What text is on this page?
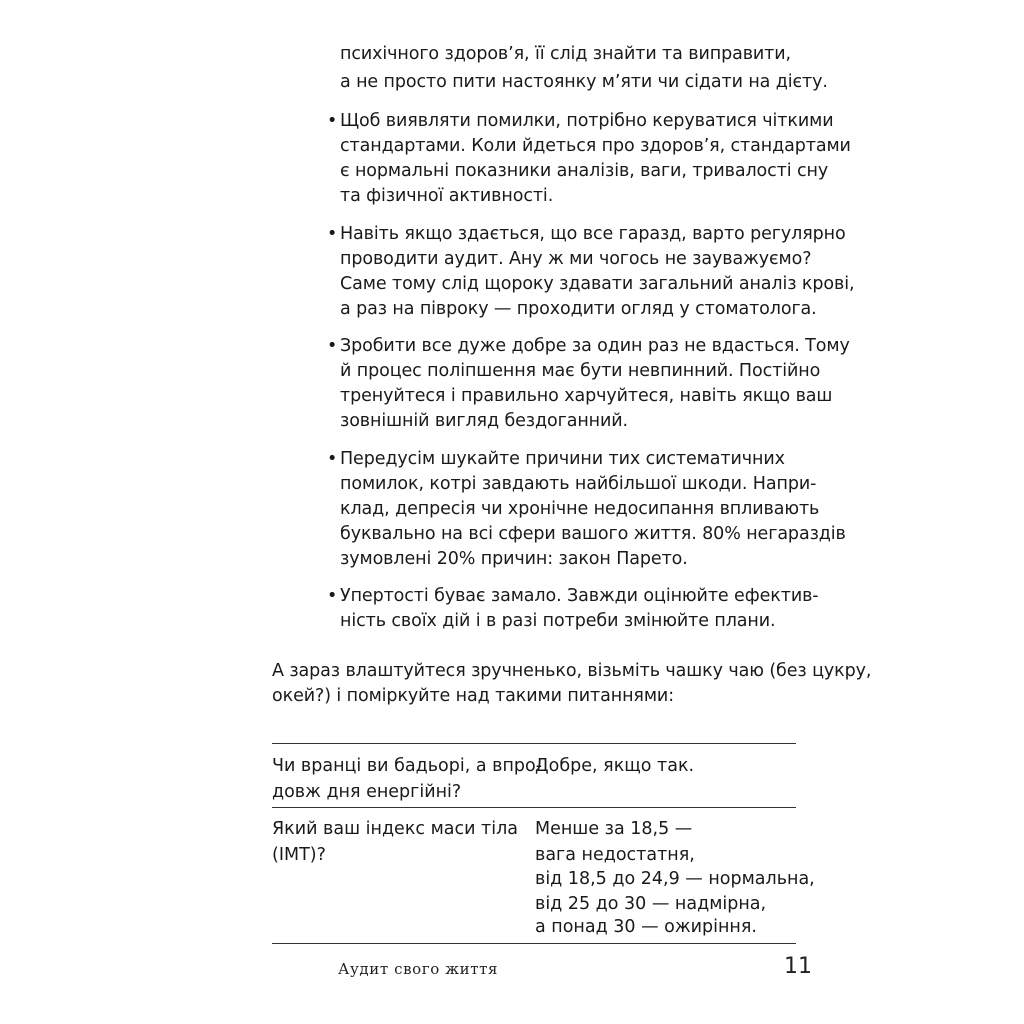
психічного здоров’я, її слід знайти та виправити,
а не просто пити настоянку м’яти чи сідати на дієту.
• Щоб виявляти помилки, потрібно керуватися чіткими
стандартами. Коли йдеться про здоров’я, стандартами
є нормальні показники аналізів, ваги, тривалості сну
та фізичної активності.
• Навіть якщо здається, що все гаразд, варто регулярно
проводити аудит. Ану ж ми чогось не зауважуємо?
Саме тому слід щороку здавати загальний аналіз крові,
а раз на півроку — проходити огляд у стоматолога.
• Зробити все дуже добре за один раз не вдасться. Тому
й процес поліпшення має бути невпинний. Постійно
тренуйтеся і правильно харчуйтеся, навіть якщо ваш
зовнішній вигляд бездоганний.
• Передусім шукайте причини тих систематичних
помилок, котрі завдають найбільшої шкоди. Напри-
клад, депресія чи хронічне недосипання впливають
буквально на всі сфери вашого життя. 80% негараздів
зумовлені 20% причин: закон Парето.
• Упертості буває замало. Завжди оцінюйте ефектив-
ність своїх дій і в разі потреби змінюйте плани.
А зараз влаштуйтеся зручненько, візьміть чашку чаю (без цукру,
окей?) і поміркуйте над такими питаннями:
Чи вранці ви бадьорі, а впро-
довж дня енергійні?
Добре, якщо так.
Який ваш індекс маси тіла
(ІМТ)?
Менше за 18,5 —
вага недостатня,
від 18,5 до 24,9 — нормальна,
від 25 до 30 — надмірна,
а понад 30 — ожиріння.
Аудит свого життя	11
